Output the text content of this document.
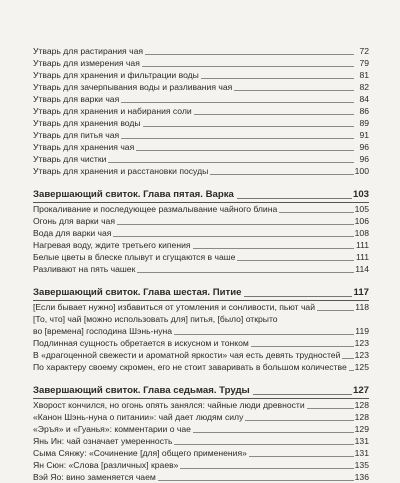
Утварь для растирания чая	72
Утварь для измерения чая	79
Утварь для хранения и фильтрации воды	81
Утварь для зачерпывания воды и разливания чая	82
Утварь для варки чая	84
Утварь для хранения и набирания соли	86
Утварь для хранения воды	89
Утварь для питья чая	91
Утварь для хранения чая	96
Утварь для чистки	96
Утварь для хранения и расстановки посуды	100
Завершающий свиток. Глава пятая. Варка	103
Прокаливание и последующее размалывание чайного блина	105
Огонь для варки чая	106
Вода для варки чая	108
Нагревая воду, ждите третьего кипения	111
Белые цветы в блеске плывут и сгущаются в чаше	111
Разливают на пять чашек	114
Завершающий свиток. Глава шестая. Питие	117
[Если бывает нужно] избавиться от утомления и сонливости, пьют чай	118
[То, что] чай [можно использовать для] питья, [было] открыто
во [времена] господина Шэнь-нуна	119
Подлинная сущность обретается в искусном и тонком	123
В «драгоценной свежести и ароматной яркости» чая есть девять трудностей 123
По характеру своему скромен, его не стоит заваривать в большом количестве 125
Завершающий свиток. Глава седьмая. Труды	127
Хворост кончился, но огонь опять занялся: чайные люди древности	128
«Канон Шэнь-нуна о питании»: чай дает людям силу	128
«Эръя» и «Гуанья»: комментарии о чае	129
Янь Ин: чай означает умеренность	131
Сыма Сянжу: «Сочинение [для] общего применения»	131
Ян Сюн: «Слова [различных] краев»	135
Вэй Яо: вино заменяется чаем	136
